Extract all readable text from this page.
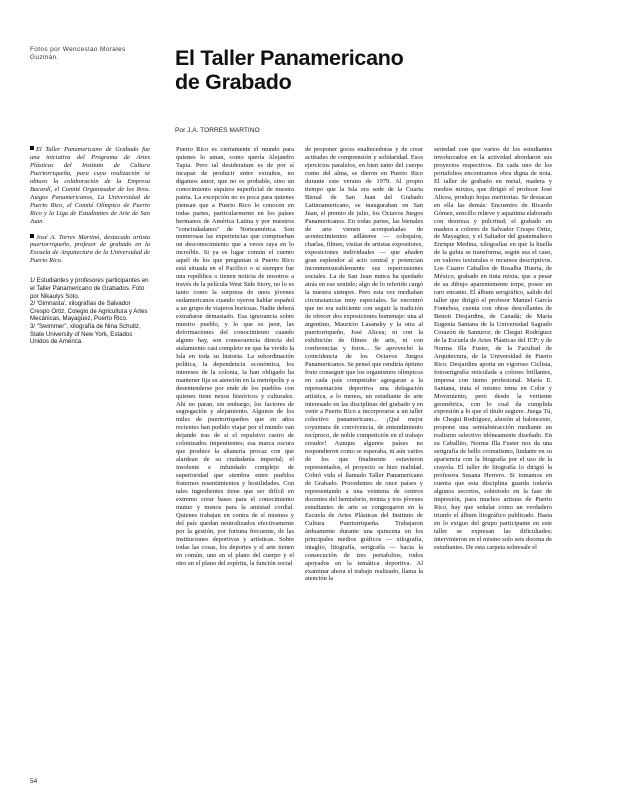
Fotos por Wenceslao Morales Guzmán.	El Taller Panamericano
de Grabado
Por J.A. TORRES MARTINO

El Taller Panamericano de Grabado fue una iniciativa del Programa de Artes Plásticas del Instituto de Cultura Puertorriqueña, para cuya realización se obtuvo la colaboración de la Empresa Bacardí, el Comité Organizador de los 8vos. Juegos Panamericanos, La Universidad de Puerto Rico, el Comité Olímpico de Puerto Rico y la Liga de Estudiantes de Arte de San Juan.

José A. Torres Martinó, destacado artista puertorriqueño, profesor de grabado en la Escuela de Arquitectura de la Universidad de Puerto Rico.

1/ Estudiantes y profesores participantes en el Taller Panamericano de Grabados. Foto por Nikaulys Soto.

2/ 'Gimnasta', xilografías de Salvador Crespo Ortiz, Colegio de Agricultura y Artes Mecánicas, Mayagüez, Puerto Rico.

3/ "Swimmer", xilografía de Nina Schultz, State University of New York, Estados Unidos de América.

Puerto Rico es ciertamente el mundo para quienes lo aman, como quería Alejandro Tapia. Pero tal desideratum es de por sí incapaz de producir entre extraños, no digamos amor, que no es probable, sino un conocimiento siquiera superficial de nuestra patria. La excepción no es poca para quienes piensan que a Puerto Rico lo conocen en todas partes, particularmente en los países hermanos de América Latina y por nuestros "conciudadanos" de Norteamérica. Son numerosas las experiencias que comprueban un desconocimiento que a veces raya en lo increíble. Si ya es lugar común el cuento aquél de los que preguntan si Puerto Rico está situada en el Pacífico o si siempre fue una república o tienen noticia de nosotros a través de la película West Side Story, no lo es tanto como la sorpresa de unos jóvenes sudamericanos cuando oyeron hablar español a un grupo de viajeros boricuas. Nadie deberá extrañarse demasiado. Esa ignorancia sobre nuestro pueblo, y lo que es peor, las deformaciones del conocimiento cuando alguno hay, son consecuencia directa del aislamiento casi completo en que ha vivido la Isla en toda su historia. La subordinación política, la dependencia económica, los intereses de la colonia, la han obligado ha mantener fija su atención en la metrópolis y a desentenderse por ende de los pueblos con quienes tiene nexos históricos y culturales. Ahí no paran, sin embargo, los factores de segregación y alejamiento. Algunos de los miles de puertorriqueños que en años recientes han podido viajar por el mundo van dejando tras de sí el repulsivo rastro de colonizados impenitentes; esa marca oscura que produce la altanería procaz con que alardean de su ciudadanía imperial; el insolente e infundado complejo de superioridad que siembra entre pueblos fraternos resentimientos y hostilidades. Con tales ingredientes tiene que ser difícil en extremo crear bases para el conocimiento mutuo y menos para la amistad cordial. Quienes trabajan en contra de sí mismos y del país quedan neutralizados efectivamente por la gestión, por fortuna frecuente, de las instituciones deportivas y artísticas. Sobre todas las cosas, los deportes y el arte tienen en común, uno en el plano del cuerpo y el otro en el plano del espíritu, la función social

de proponer goces enaltecedoras y de crear actitudes de comprensión y solidaridad. Esos ejercicios paralelos, en bien tanto del cuerpo como del alma, se dieron en Puerto Rico durante este verano de 1979. Al propio tiempo que la Isla era sede de la Cuarta Bienal de San Juan del Grabado Latinoamericano, se inauguraban en San Juan, el premio de julio, los Octavos Juegos Panamericanos. En todas partes, las bienales de arte vienen acompañadas de acontecimientos adláteres — coloquios, charlas, filmes, visitas de artistas expositores, exposiciones individuales — que añaden gran esplendor al acto central y potencian inconmensurablemente sus repercusiones sociales. La de San Juan nunca ha quedado atrás en ese sentido; algo de lo referido cargó la nuestra siempre. Pero esta vez mediaban circunstancias muy especiales. Se encontró que no era suficiente con seguir la tradición de ofrecer dos exposiciones homenaje: una al argentino, Mauricio Lasansky y la otra al puertorriqueño, José Alicea; ni con la exhibición de filmes de arte, ni con conferencias y foros... Se aprovechó la coincidencia de los Octavos Juegos Panamericanos. Se pensó que rendiría óptimo fruto conseguir que los organismos olímpicos en cada país competidor agregaran a la representación deportiva una delegación artística, a lo menos, un estudiante de arte interesado en las disciplinas del grabado y en venir a Puerto Rico a incorporarse a un taller colectivo panamericano... ¡Qué mejor coyuntura de convivencia, de entendimiento recíproco, de noble competición en el trabajo creador! Aunque algunos países no respondieron como se esperaba, ni aún varios de los que finalmente estuvieron representados, el proyecto se hizo realidad. Cobró vida el llamado Taller Panamericano de Grabado. Procedentes de once países y representando a una veintena de centros docentes del hemisferio, treinta y tres jóvenes estudiantes de arte se congregaron en la Escuela de Artes Plásticas del Instituto de Cultura Puertorriqueña. Trabajaron árduamente durante una quincena en los principales medios gráficos — xilografía, intaglio, litografía, serigrafía — hacia la consecución de tres portafolios, todos apoyados en la temática deportiva. Al examinar ahora el trabajo realizado, llama la atención la

seriedad con que varios de los estudiantes involucrados en la actividad abordaron sus proyectos respectivos. En cada uno de los portafolios encontramos obra digna de nota. El taller de grabado en metal, madera y medios mixtos, que dirigió el profesor José Alicea, produjo hojas meritorias. Se destacan en ella las demás: Encuentro de Ricardo Gómez, sencillo relieve y aquatinta elaborado con destreza y pulcritud; el grabado en madera a colores de Salvador Crespo Ortiz, de Mayagüez, y el Saltador del guatemalteco Enrique Medina, xilografías en que la huella de la gubia se transforma, según sea el caso, en valores texturales o recursos descriptivos. Los Cuatro Caballos de Rosalba Huerta, de México, grabado en tinta mixta, que a pesar de su dibujo aparentemente torpe, posee un raro encanto. El álbum serigráfico, salido del taller que dirigió el profesor Manuel García Fonteboa, cuenta con obras descollantes de Benoit Desjardins, de Canadá; de María Eugenia Santana de la Universidad Sagrado Corazón de Santurce; de Chegui Rodríguez de la Escuela de Artes Plásticas del ICP; y de Norma Illa Fuster, de la Facultad de Arquitectura, de la Universidad de Puerto Rico. Desjardins aporta un vigoroso Ciclista, fotoserigrafía reticulada a colores brillantes, impresa con tiento profesional. María E. Santana, trata el mismo tema en Color y Movimiento, pero desde la vertiente geométrica, con lo cual da cumplida expresión a lo que el título sugiere. Juega Tú, de Chegui Rodríguez, alusión al baloncesto, propone una semiabstracción mediante un realismo selectivo idóneamente diseñado. En su Caballito, Norma Illa Fuster nos da una serigrafía de bello cromatismo, lindante en su apariencia con la litografía por el uso de la crayola. El taller de litografía lo dirigió la profesora Susana Herrero. Si tomamos en cuenta que esta disciplina guarda todavía algunos secretos, sobretodo en la fase de impresión, para muchos artistas de Puerto Rico, hay que señalar como un verdadero triunfo el álbum litográfico publicado. Hasta en lo exiguo del grupo participante en este taller se expresan las dificultades; intervinieron en el mismo solo seis docena de estudiantes. De esta carpeta sobresale el

54
